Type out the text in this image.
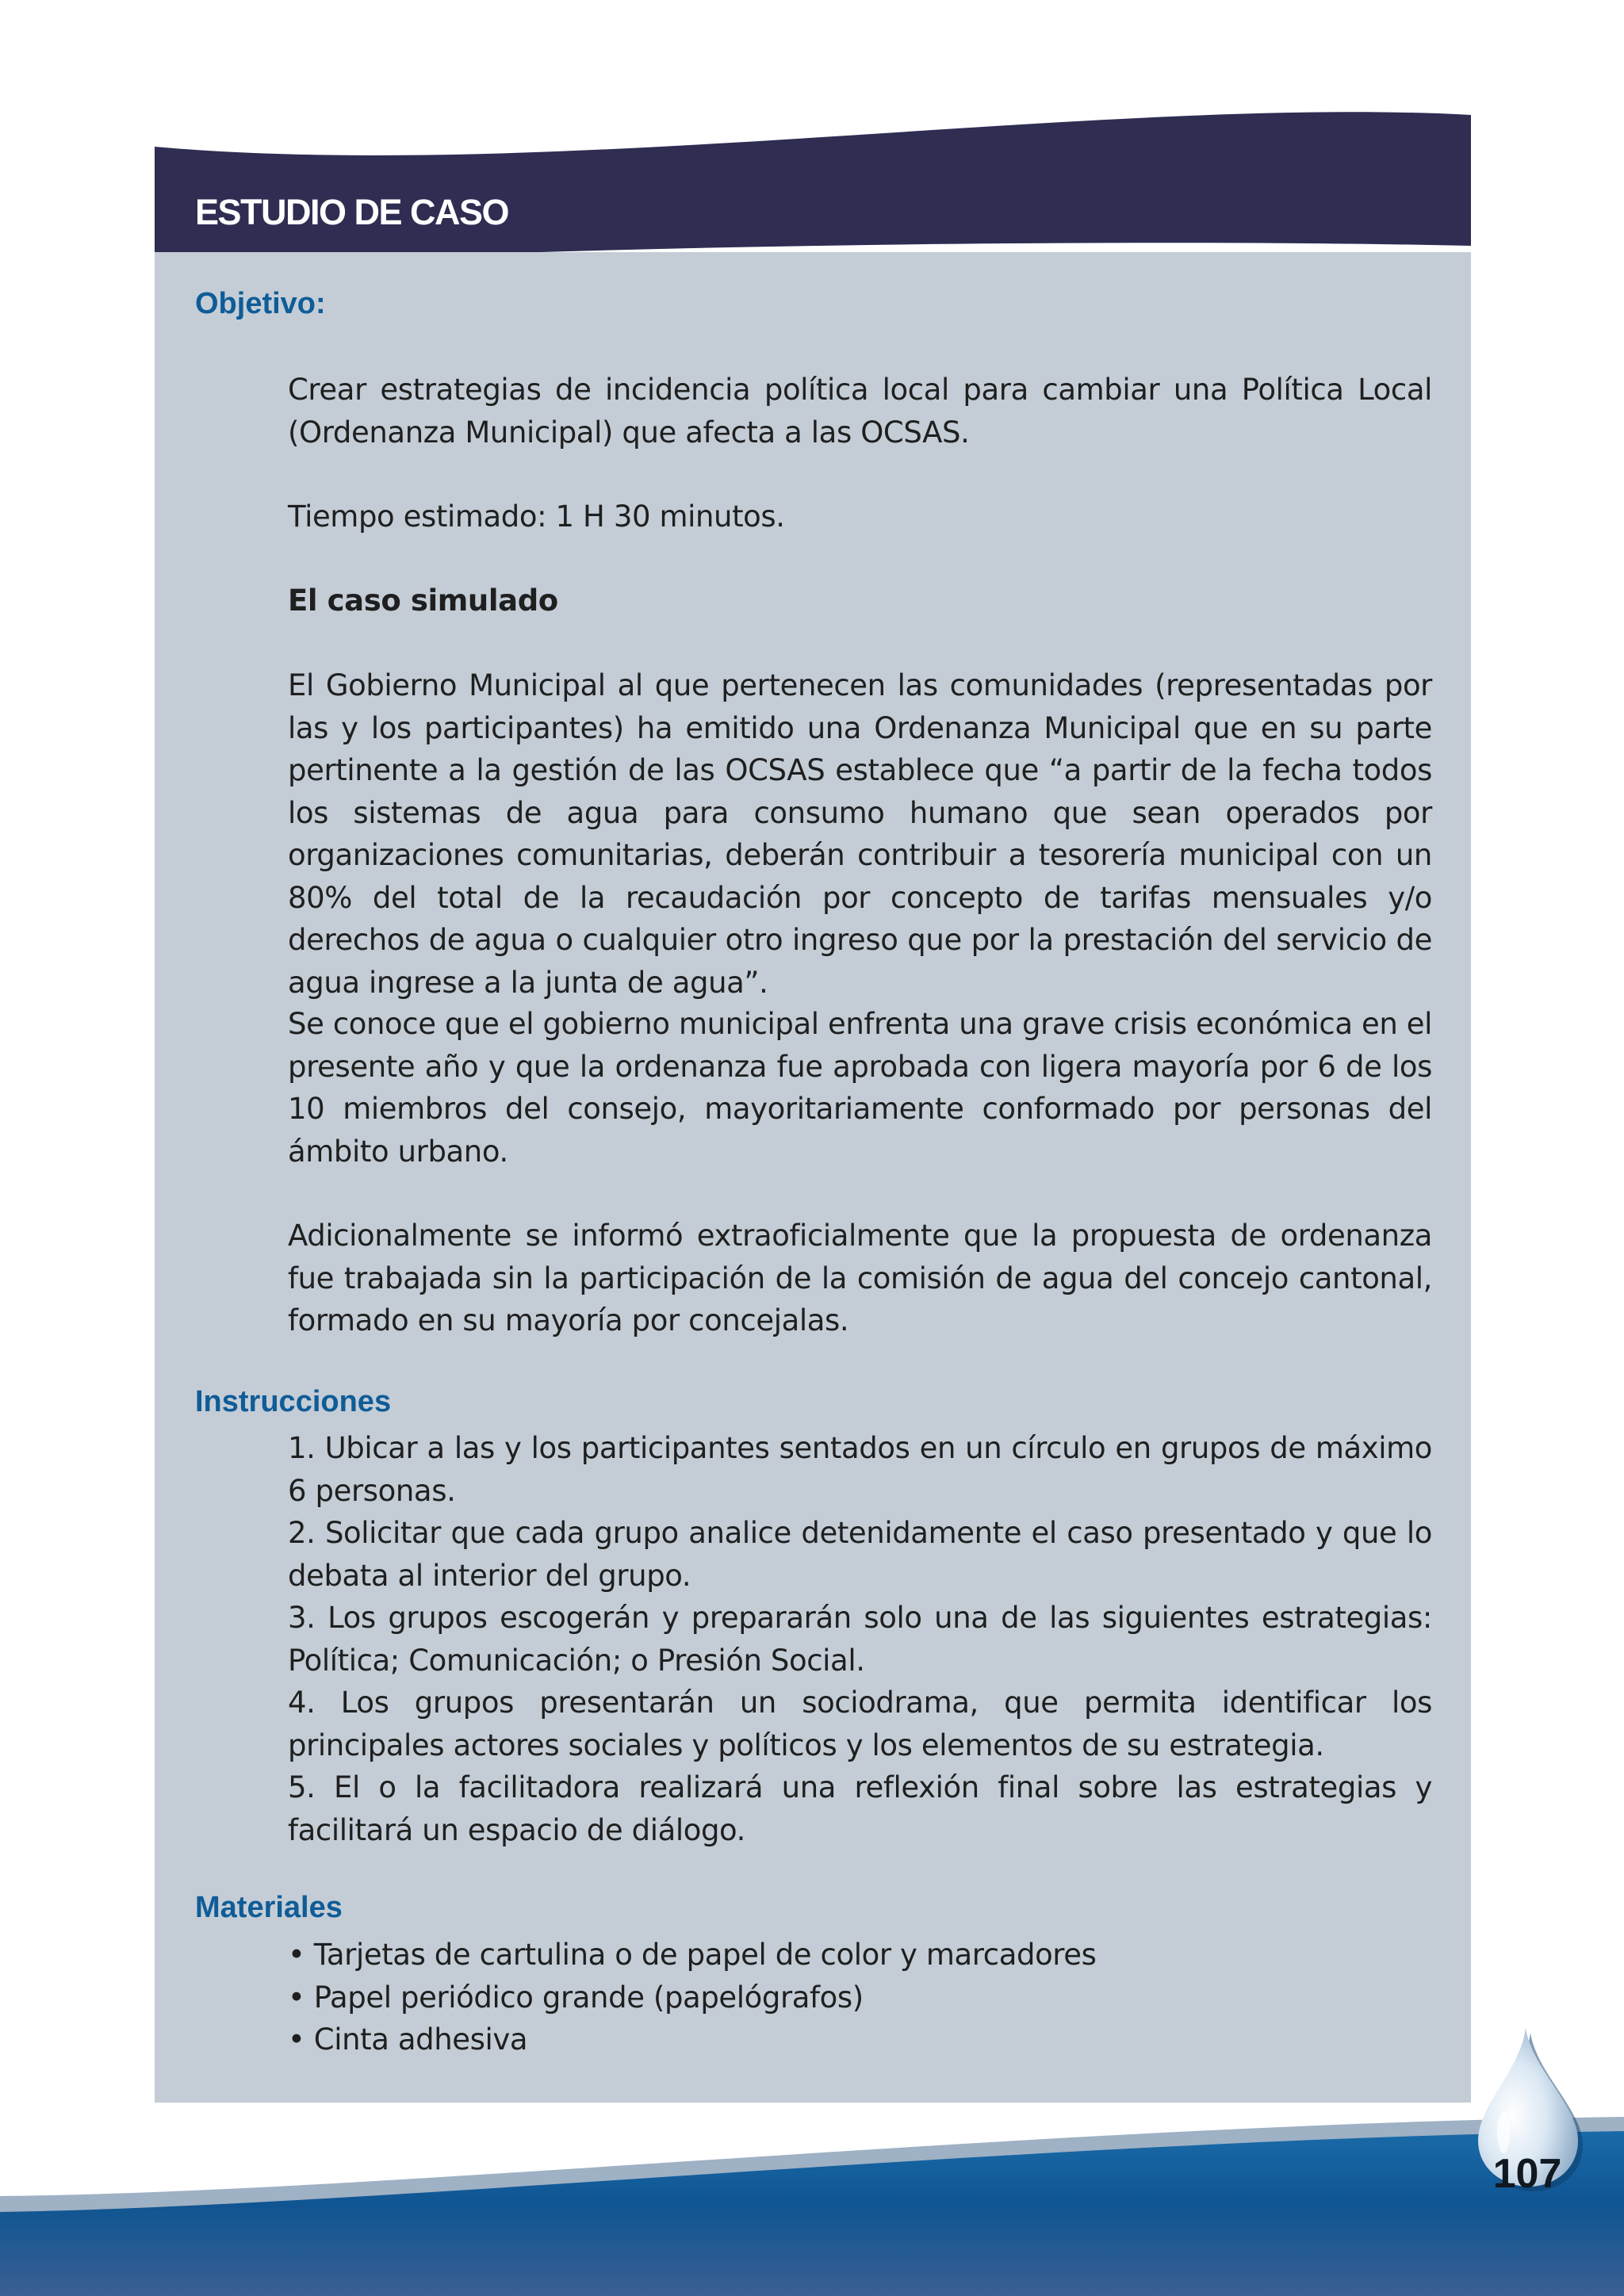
ESTUDIO DE CASO
Objetivo:

Crear estrategias de incidencia política local para cambiar una Política Local (Ordenanza Municipal) que afecta a las OCSAS.

Tiempo estimado: 1 H 30 minutos.

El caso simulado

El Gobierno Municipal al que pertenecen las comunidades (representadas por las y los participantes) ha emitido una Ordenanza Municipal que en su parte pertinente a la gestión de las OCSAS establece que “a partir de la fecha todos los sistemas de agua para consumo humano que sean operados por organizaciones comunitarias, deberán contribuir a tesorería municipal con un 80% del total de la recaudación por concepto de tarifas mensuales y/o derechos de agua o cualquier otro ingreso que por la prestación del servicio de agua ingrese a la junta de agua”.

Se conoce que el gobierno municipal enfrenta una grave crisis económica en el presente año y que la ordenanza fue aprobada con ligera mayoría por 6 de los 10 miembros del consejo, mayoritariamente conformado por personas del ámbito urbano.

Adicionalmente se informó extraoficialmente que la propuesta de ordenanza fue trabajada sin la participación de la comisión de agua del concejo cantonal, formado en su mayoría por concejalas.

Instrucciones
1. Ubicar a las y los participantes sentados en un círculo en grupos de máximo 6 personas.
2. Solicitar que cada grupo analice detenidamente el caso presentado y que lo debata al interior del grupo.
3. Los grupos escogerán y prepararán solo una de las siguientes estrategias: Política; Comunicación; o Presión Social.
4. Los grupos presentarán un sociodrama, que permita identificar los principales actores sociales y políticos y los elementos de su estrategia.
5. El o la facilitadora realizará una reflexión final sobre las estrategias y facilitará un espacio de diálogo.
Materiales
• Tarjetas de cartulina o de papel de color y marcadores
• Papel periódico grande (papelógrafos)
• Cinta adhesiva
107
